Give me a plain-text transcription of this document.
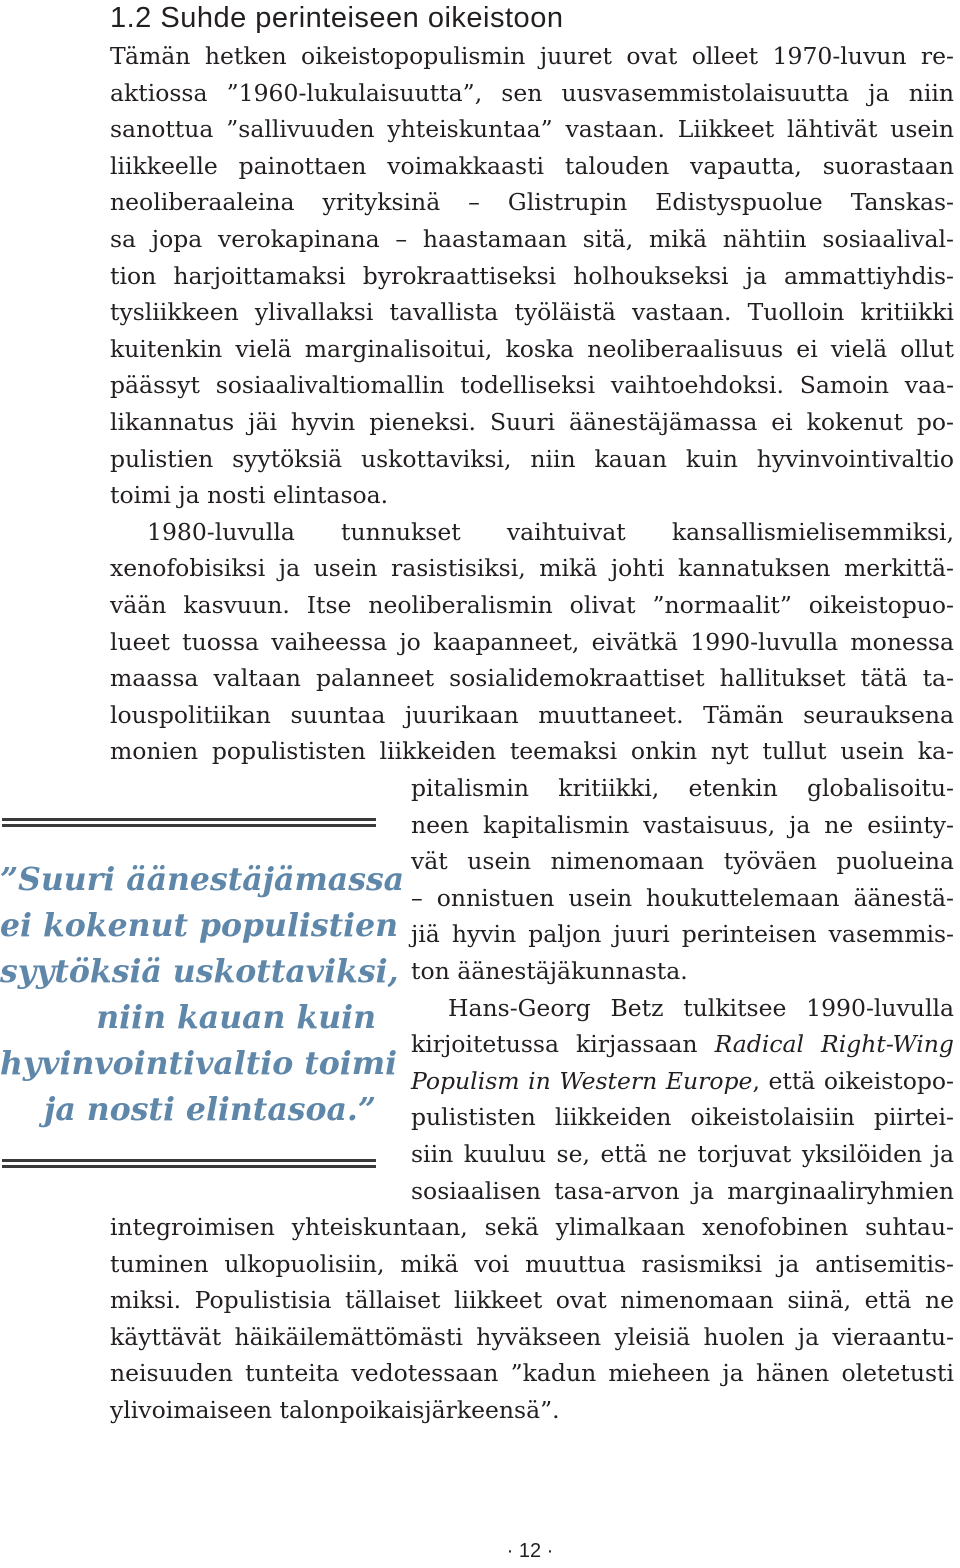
1.2 Suhde perinteiseen oikeistoon

Tämän hetken oikeistopopulismin juuret ovat olleet 1970-luvun re-
aktiossa ”1960-lukulaisuutta”, sen uusvasemmistolaisuutta ja niin
sanottua ”sallivuuden yhteiskuntaa” vastaan. Liikkeet lähtivät usein
liikkeelle painottaen voimakkaasti talouden vapautta, suorastaan
neoliberaaleina yrityksinä – Glistrupin Edistyspuolue Tanskas-
sa jopa verokapinana – haastamaan sitä, mikä nähtiin sosiaalival-
tion harjoittamaksi byrokraattiseksi holhoukseksi ja ammattiyhdis-
tysliikkeen ylivallaksi tavallista työläistä vastaan. Tuolloin kritiikki
kuitenkin vielä marginalisoitui, koska neoliberaalisuus ei vielä ollut
päässyt sosiaalivaltiomallin todelliseksi vaihtoehdoksi. Samoin vaa-
likannatus jäi hyvin pieneksi. Suuri äänestäjämassa ei kokenut po-
pulistien syytöksiä uskottaviksi, niin kauan kuin hyvinvointivaltio
toimi ja nosti elintasoa.

1980-luvulla tunnukset vaihtuivat kansallismielisemmiksi,
xenofobisiksi ja usein rasistisiksi, mikä johti kannatuksen merkittä-
vään kasvuun. Itse neoliberalismin olivat ”normaalit” oikeistopuo-
lueet tuossa vaiheessa jo kaapanneet, eivätkä 1990-luvulla monessa
maassa valtaan palanneet sosialidemokraattiset hallitukset tätä ta-
louspolitiikan suuntaa juurikaan muuttaneet. Tämän seurauksena
monien populististen liikkeiden teemaksi onkin nyt tullut usein ka-

pitalismin kritiikki, etenkin globalisoitu-
neen kapitalismin vastaisuus, ja ne esiinty-
vät usein nimenomaan työväen puolueina
– onnistuen usein houkuttelemaan äänestä-
jiä hyvin paljon juuri perinteisen vasemmis-
ton äänestäjäkunnasta.
Hans-Georg Betz tulkitsee 1990-luvulla
kirjoitetussa kirjassaan Radical Right-Wing
Populism in Western Europe, että oikeistopo-
pulististen liikkeiden oikeistolaisiin piirtei-
siin kuuluu se, että ne torjuvat yksilöiden ja
sosiaalisen tasa-arvon ja marginaaliryhmien
integroimisen yhteiskuntaan, sekä ylimalkaan xenofobinen suhtau-
tuminen ulkopuolisiin, mikä voi muuttua rasismiksi ja antisemitis-
miksi. Populistisia tällaiset liikkeet ovat nimenomaan siinä, että ne
käyttävät häikäilemättömästi hyväkseen yleisiä huolen ja vieraantu-
neisuuden tunteita vedotessaan ”kadun mieheen ja hänen oletetusti
ylivoimaiseen talonpoikaisjärkeensä”.
”Suuri äänestäjämassa
ei kokenut populistien
syytöksiä uskottaviksi,
niin kauan kuin
hyvinvointivaltio toimi
ja nosti elintasoa.”
· 12 ·
